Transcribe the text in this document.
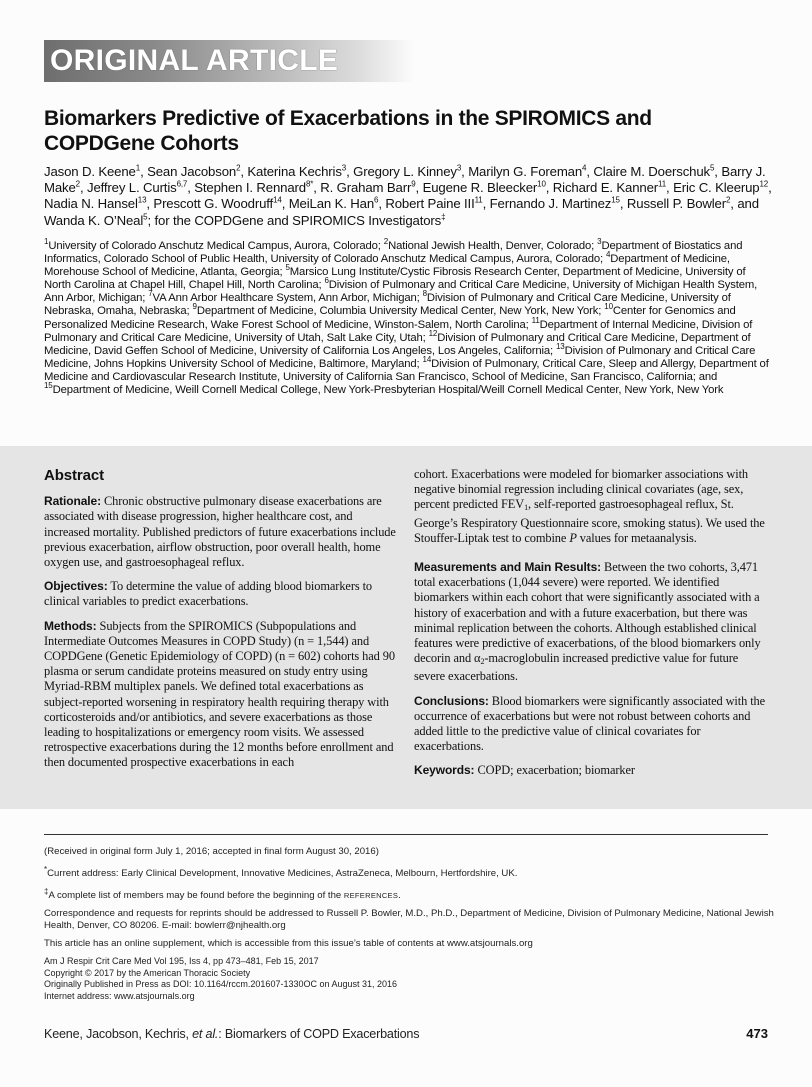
ORIGINAL ARTICLE
Biomarkers Predictive of Exacerbations in the SPIROMICS and COPDGene Cohorts
Jason D. Keene$^1$, Sean Jacobson$^2$, Katerina Kechris$^3$, Gregory L. Kinney$^3$, Marilyn G. Foreman$^4$, Claire M. Doerschuk$^5$, Barry J. Make$^2$, Jeffrey L. Curtis$^{6,7}$, Stephen I. Rennard$^{8*}$, R. Graham Barr$^9$, Eugene R. Bleecker$^{10}$, Richard E. Kanner$^{11}$, Eric C. Kleerup$^{12}$, Nadia N. Hansel$^{13}$, Prescott G. Woodruff$^{14}$, MeiLan K. Han$^6$, Robert Paine III$^{11}$, Fernando J. Martinez$^{15}$, Russell P. Bowler$^2$, and Wanda K. O’Neal$^5$; for the COPDGene and SPIROMICS Investigators‡
$^1$University of Colorado Anschutz Medical Campus, Aurora, Colorado; $^2$National Jewish Health, Denver, Colorado; $^3$Department of Biostatics and Informatics, Colorado School of Public Health, University of Colorado Anschutz Medical Campus, Aurora, Colorado; $^4$Department of Medicine, Morehouse School of Medicine, Atlanta, Georgia; $^5$Marsico Lung Institute/Cystic Fibrosis Research Center, Department of Medicine, University of North Carolina at Chapel Hill, Chapel Hill, North Carolina; $^6$Division of Pulmonary and Critical Care Medicine, University of Michigan Health System, Ann Arbor, Michigan; $^7$VA Ann Arbor Healthcare System, Ann Arbor, Michigan; $^8$Division of Pulmonary and Critical Care Medicine, University of Nebraska, Omaha, Nebraska; $^9$Department of Medicine, Columbia University Medical Center, New York, New York; $^{10}$Center for Genomics and Personalized Medicine Research, Wake Forest School of Medicine, Winston-Salem, North Carolina; $^{11}$Department of Internal Medicine, Division of Pulmonary and Critical Care Medicine, University of Utah, Salt Lake City, Utah; $^{12}$Division of Pulmonary and Critical Care Medicine, Department of Medicine, David Geffen School of Medicine, University of California Los Angeles, Los Angeles, California; $^{13}$Division of Pulmonary and Critical Care Medicine, Johns Hopkins University School of Medicine, Baltimore, Maryland; $^{14}$Division of Pulmonary, Critical Care, Sleep and Allergy, Department of Medicine and Cardiovascular Research Institute, University of California San Francisco, School of Medicine, San Francisco, California; and $^{15}$Department of Medicine, Weill Cornell Medical College, New York-Presbyterian Hospital/Weill Cornell Medical Center, New York, New York
Abstract

Rationale: Chronic obstructive pulmonary disease exacerbations are associated with disease progression, higher healthcare cost, and increased mortality. Published predictors of future exacerbations include previous exacerbation, airflow obstruction, poor overall health, home oxygen use, and gastroesophageal reflux.

Objectives: To determine the value of adding blood biomarkers to clinical variables to predict exacerbations.

Methods: Subjects from the SPIROMICS (Subpopulations and Intermediate Outcomes Measures in COPD Study) (n = 1,544) and COPDGene (Genetic Epidemiology of COPD) (n = 602) cohorts had 90 plasma or serum candidate proteins measured on study entry using Myriad-RBM multiplex panels. We defined total exacerbations as subject-reported worsening in respiratory health requiring therapy with corticosteroids and/or antibiotics, and severe exacerbations as those leading to hospitalizations or emergency room visits. We assessed retrospective exacerbations during the 12 months before enrollment and then documented prospective exacerbations in each

cohort. Exacerbations were modeled for biomarker associations with negative binomial regression including clinical covariates (age, sex, percent predicted $FEV_1$, self-reported gastroesophageal reflux, St. George’s Respiratory Questionnaire score, smoking status). We used the Stouffer-Liptak test to combine P values for metaanalysis.

Measurements and Main Results: Between the two cohorts, 3,471 total exacerbations (1,044 severe) were reported. We identified biomarkers within each cohort that were significantly associated with a history of exacerbation and with a future exacerbation, but there was minimal replication between the cohorts. Although established clinical features were predictive of exacerbations, of the blood biomarkers only decorin and $\alpha_2$-macroglobulin increased predictive value for future severe exacerbations.

Conclusions: Blood biomarkers were significantly associated with the occurrence of exacerbations but were not robust between cohorts and added little to the predictive value of clinical covariates for exacerbations.

Keywords: COPD; exacerbation; biomarker

(Received in original form July 1, 2016; accepted in final form August 30, 2016)

*Current address: Early Clinical Development, Innovative Medicines, AstraZeneca, Melbourn, Hertfordshire, UK.

‡A complete list of members may be found before the beginning of the REFERENCES.

Correspondence and requests for reprints should be addressed to Russell P. Bowler, M.D., Ph.D., Department of Medicine, Division of Pulmonary Medicine, National Jewish Health, Denver, CO 80206. E-mail: bowlerr@njhealth.org

This article has an online supplement, which is accessible from this issue’s table of contents at www.atsjournals.org

Am J Respir Crit Care Med Vol 195, Iss 4, pp 473–481, Feb 15, 2017
Copyright © 2017 by the American Thoracic Society
Originally Published in Press as DOI: 10.1164/rccm.201607-1330OC on August 31, 2016
Internet address: www.atsjournals.org
Keene, Jacobson, Kechris, et al.: Biomarkers of COPD Exacerbations	473
